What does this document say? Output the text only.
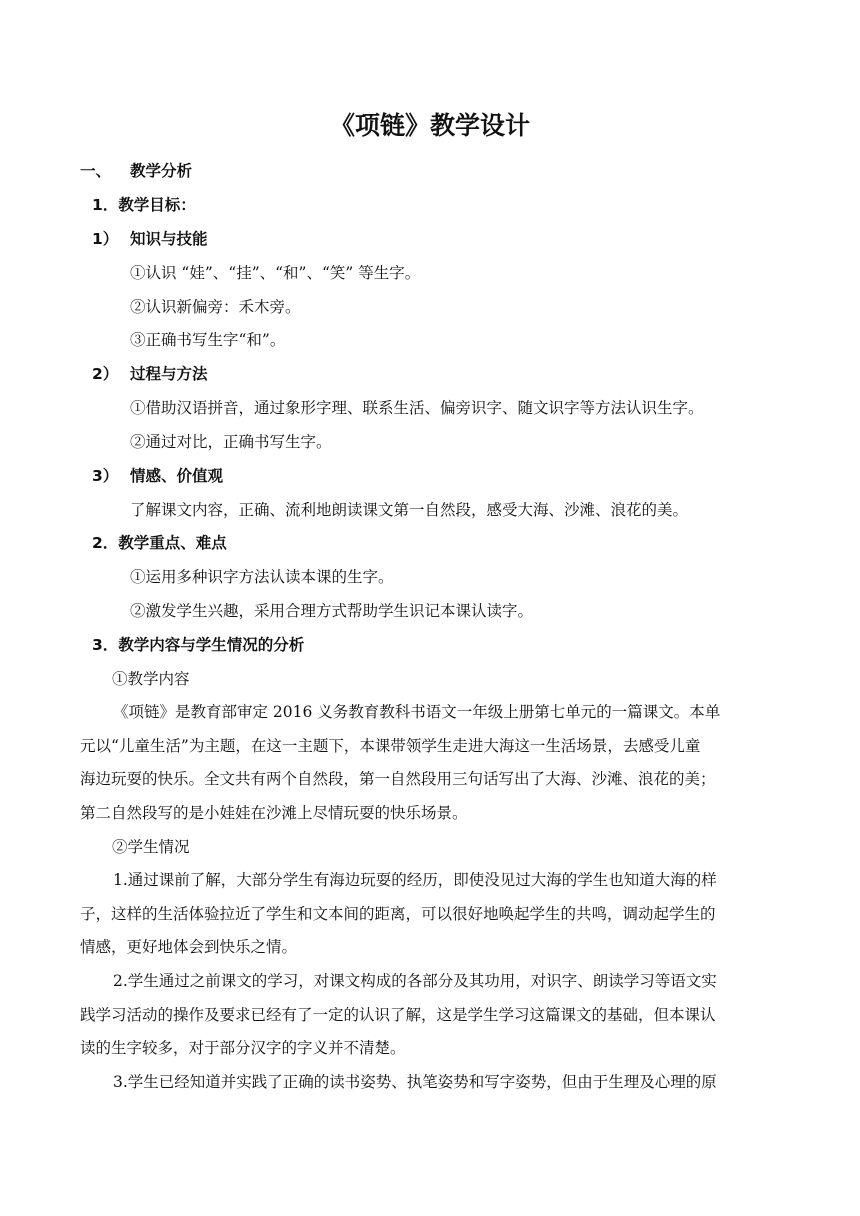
《项链》教学设计
一、 教学分析
1．教学目标：
1） 知识与技能
①认识 “娃”、“挂”、“和”、“笑” 等生字。
②认识新偏旁：禾木旁。
③正确书写生字“和”。
2） 过程与方法
①借助汉语拼音，通过象形字理、联系生活、偏旁识字、随文识字等方法认识生字。
②通过对比，正确书写生字。
3） 情感、价值观
了解课文内容，正确、流利地朗读课文第一自然段，感受大海、沙滩、浪花的美。
2．教学重点、难点
①运用多种识字方法认读本课的生字。
②激发学生兴趣，采用合理方式帮助学生识记本课认读字。
3．教学内容与学生情况的分析
①教学内容
《项链》是教育部审定 2016 义务教育教科书语文一年级上册第七单元的一篇课文。本单
元以“儿童生活”为主题，在这一主题下，本课带领学生走进大海这一生活场景，去感受儿童
海边玩耍的快乐。全文共有两个自然段，第一自然段用三句话写出了大海、沙滩、浪花的美；
第二自然段写的是小娃娃在沙滩上尽情玩耍的快乐场景。
②学生情况
1.通过课前了解，大部分学生有海边玩耍的经历，即使没见过大海的学生也知道大海的样
子，这样的生活体验拉近了学生和文本间的距离，可以很好地唤起学生的共鸣，调动起学生的
情感，更好地体会到快乐之情。
2.学生通过之前课文的学习，对课文构成的各部分及其功用，对识字、朗读学习等语文实
践学习活动的操作及要求已经有了一定的认识了解，这是学生学习这篇课文的基础，但本课认
读的生字较多，对于部分汉字的字义并不清楚。
3.学生已经知道并实践了正确的读书姿势、执笔姿势和写字姿势，但由于生理及心理的原
